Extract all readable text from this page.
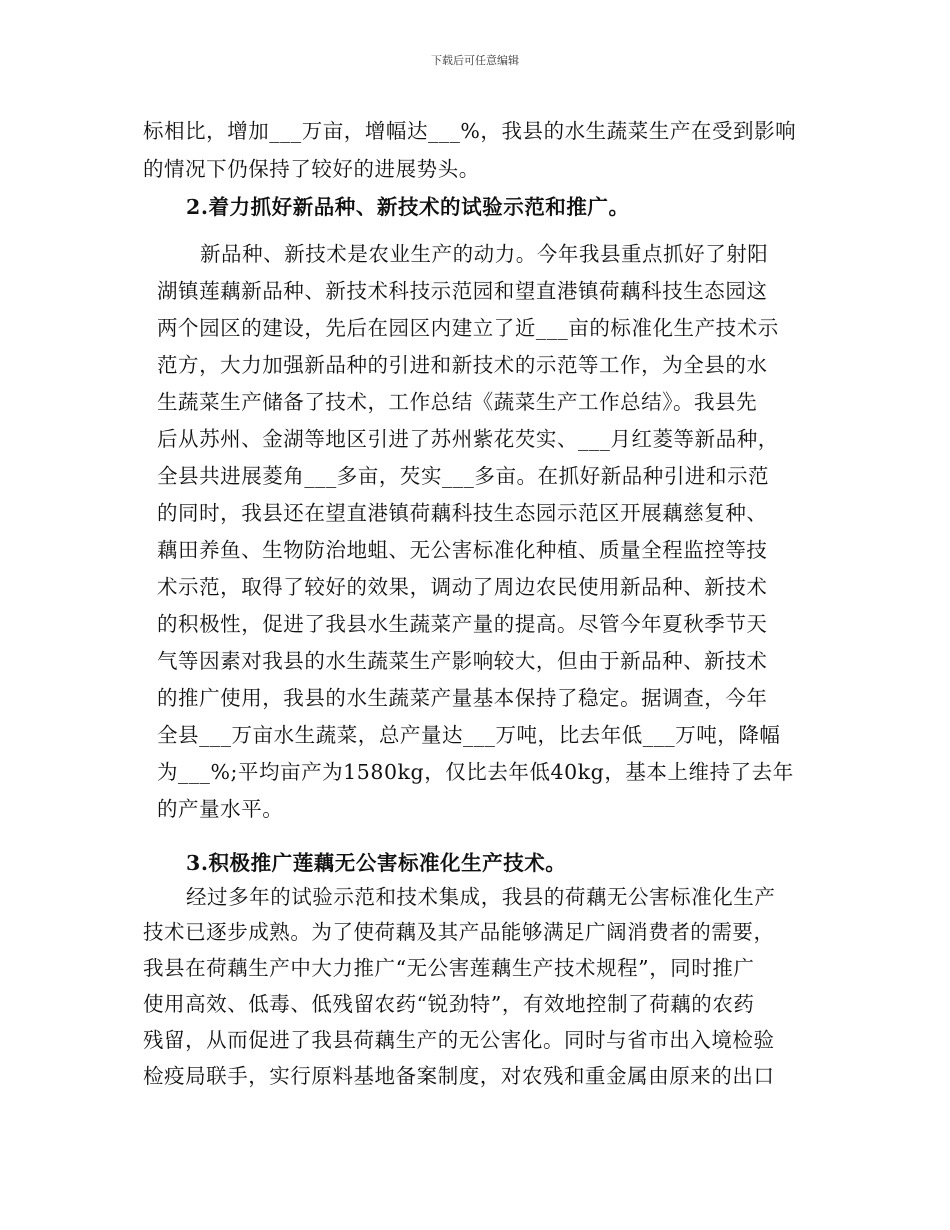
下载后可任意编辑
标相比，增加___万亩，增幅达___%，我县的水生蔬菜生产在受到影响
的情况下仍保持了较好的进展势头。
2.着力抓好新品种、新技术的试验示范和推广。
新品种、新技术是农业生产的动力。今年我县重点抓好了射阳
湖镇莲藕新品种、新技术科技示范园和望直港镇荷藕科技生态园这
两个园区的建设，先后在园区内建立了近___亩的标准化生产技术示
范方，大力加强新品种的引进和新技术的示范等工作，为全县的水
生蔬菜生产储备了技术，工作总结《蔬菜生产工作总结》。我县先
后从苏州、金湖等地区引进了苏州紫花芡实、___月红菱等新品种，
全县共进展菱角___多亩，芡实___多亩。在抓好新品种引进和示范
的同时，我县还在望直港镇荷藕科技生态园示范区开展藕慈复种、
藕田养鱼、生物防治地蛆、无公害标准化种植、质量全程监控等技
术示范，取得了较好的效果，调动了周边农民使用新品种、新技术
的积极性，促进了我县水生蔬菜产量的提高。尽管今年夏秋季节天
气等因素对我县的水生蔬菜生产影响较大，但由于新品种、新技术
的推广使用，我县的水生蔬菜产量基本保持了稳定。据调查，今年
全县___万亩水生蔬菜，总产量达___万吨，比去年低___万吨，降幅
为___%;平均亩产为1580kg，仅比去年低40kg，基本上维持了去年
的产量水平。
3.积极推广莲藕无公害标准化生产技术。
经过多年的试验示范和技术集成，我县的荷藕无公害标准化生产
技术已逐步成熟。为了使荷藕及其产品能够满足广阔消费者的需要，
我县在荷藕生产中大力推广“无公害莲藕生产技术规程”，同时推广
使用高效、低毒、低残留农药“锐劲特”，有效地控制了荷藕的农药
残留，从而促进了我县荷藕生产的无公害化。同时与省市出入境检验
检疫局联手，实行原料基地备案制度，对农残和重金属由原来的出口
